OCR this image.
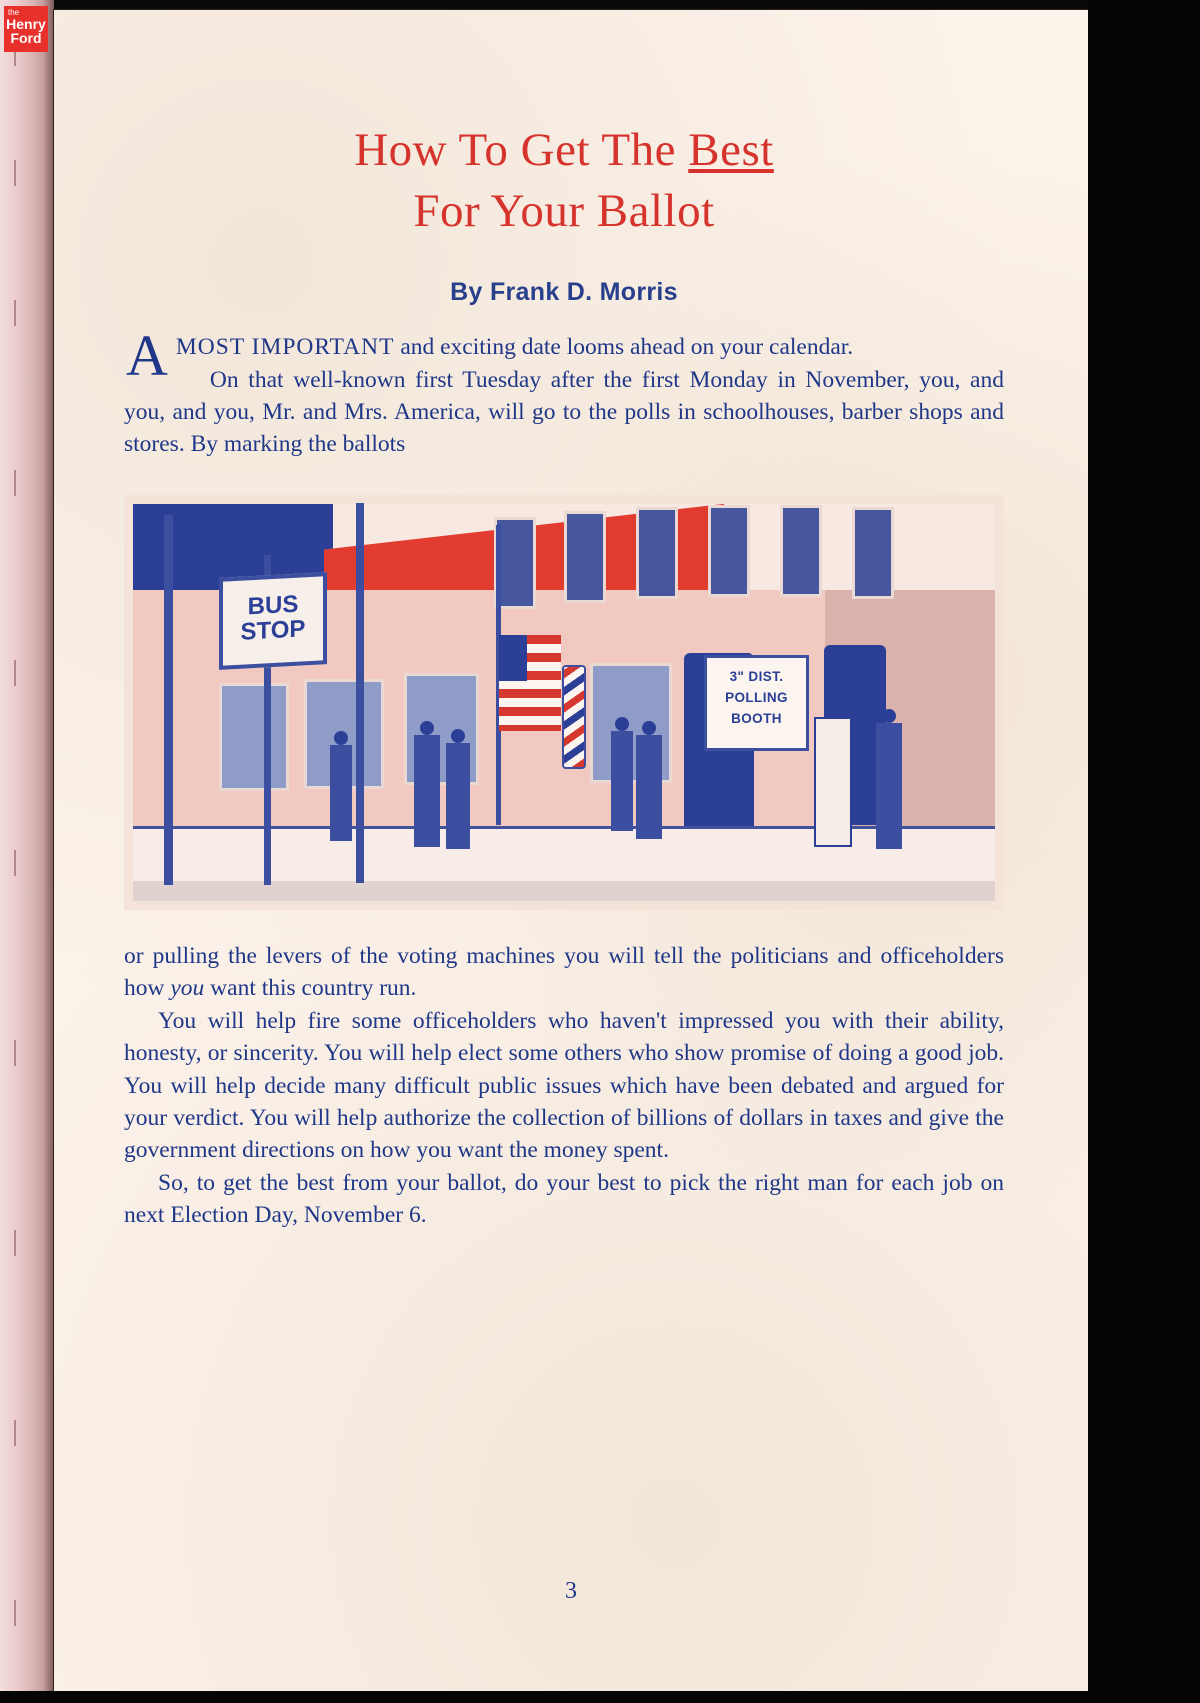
the
Henry
Ford
How To Get The Best
For Your Ballot
By Frank D. Morris

AMOST IMPORTANT and exciting date looms ahead on your calendar.

On that well-known first Tuesday after the first Monday in November, you, and you, and you, Mr. and Mrs. America, will go to the polls in schoolhouses, barber shops and stores. By marking the ballots

BUS
STOP
3" DIST.
POLLING
BOOTH

or pulling the levers of the voting machines you will tell the politicians and officeholders how you want this country run.

You will help fire some officeholders who haven't impressed you with their ability, honesty, or sincerity. You will help elect some others who show promise of doing a good job. You will help decide many difficult public issues which have been debated and argued for your verdict. You will help authorize the collection of billions of dollars in taxes and give the government directions on how you want the money spent.

So, to get the best from your ballot, do your best to pick the right man for each job on next Election Day, November 6.

3
